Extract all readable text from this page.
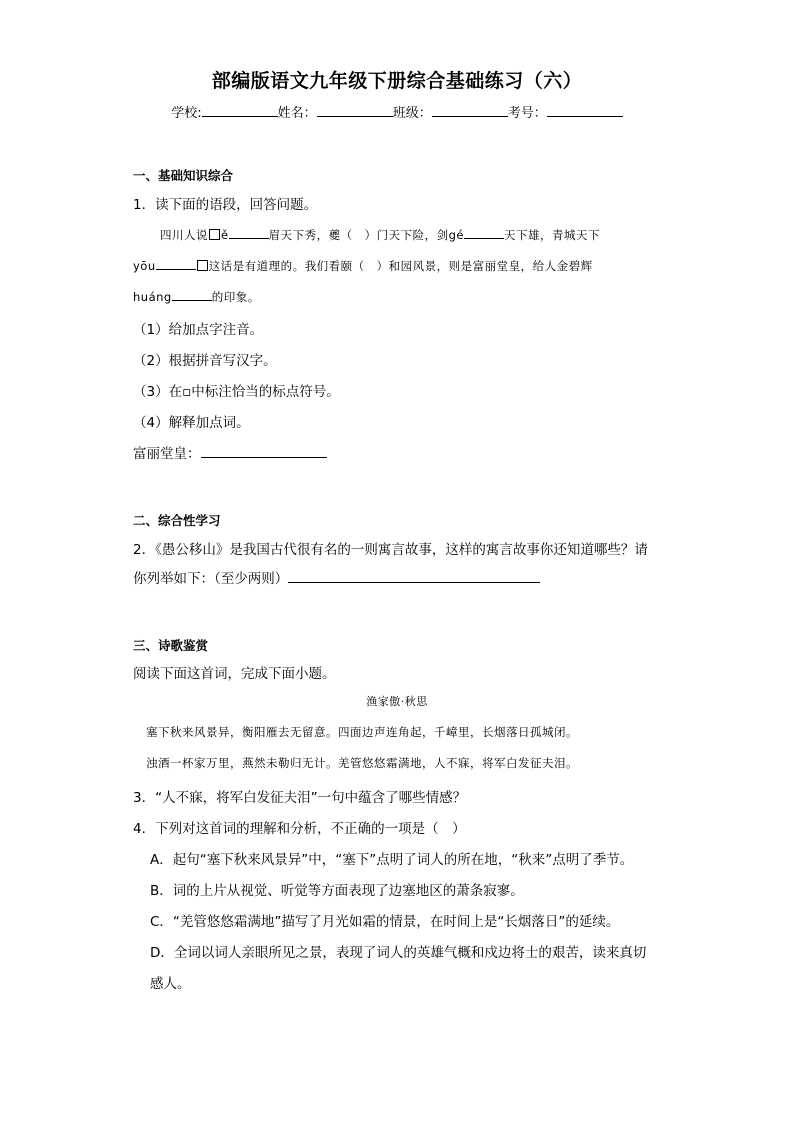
部编版语文九年级下册综合基础练习（六）
学校:	姓名：	班级：	考号：
一、基础知识综合
1．读下面的语段，回答问题。
四川人说 ě	眉天下秀，夔（　）门天下险，剑gé	天下雄，青城天下
yōu	这话是有道理的。我们看颐（　）和园风景，则是富丽堂皇，给人金碧辉
huáng	的印象。
（1）给加点字注音。
（2）根据拼音写汉字。
（3）在▫中标注恰当的标点符号。
（4）解释加点词。
富丽堂皇：
二、综合性学习
2．《愚公移山》是我国古代很有名的一则寓言故事，这样的寓言故事你还知道哪些？请
你列举如下：（至少两则）
三、诗歌鉴赏
阅读下面这首词，完成下面小题。
渔家傲·秋思
塞下秋来风景异，衡阳雁去无留意。四面边声连角起，千嶂里，长烟落日孤城闭。
浊酒一杯家万里，燕然未勒归无计。羌管悠悠霜满地，人不寐，将军白发征夫泪。
3．“人不寐，将军白发征夫泪”一句中蕴含了哪些情感？
4．下列对这首词的理解和分析，不正确的一项是（　）
A．起句“塞下秋来风景异”中，“塞下”点明了词人的所在地，“秋来”点明了季节。
B．词的上片从视觉、听觉等方面表现了边塞地区的萧条寂寥。
C．“羌管悠悠霜满地”描写了月光如霜的情景，在时间上是“长烟落日”的延续。
D．全词以词人亲眼所见之景，表现了词人的英雄气概和戍边将士的艰苦，读来真切
感人。
